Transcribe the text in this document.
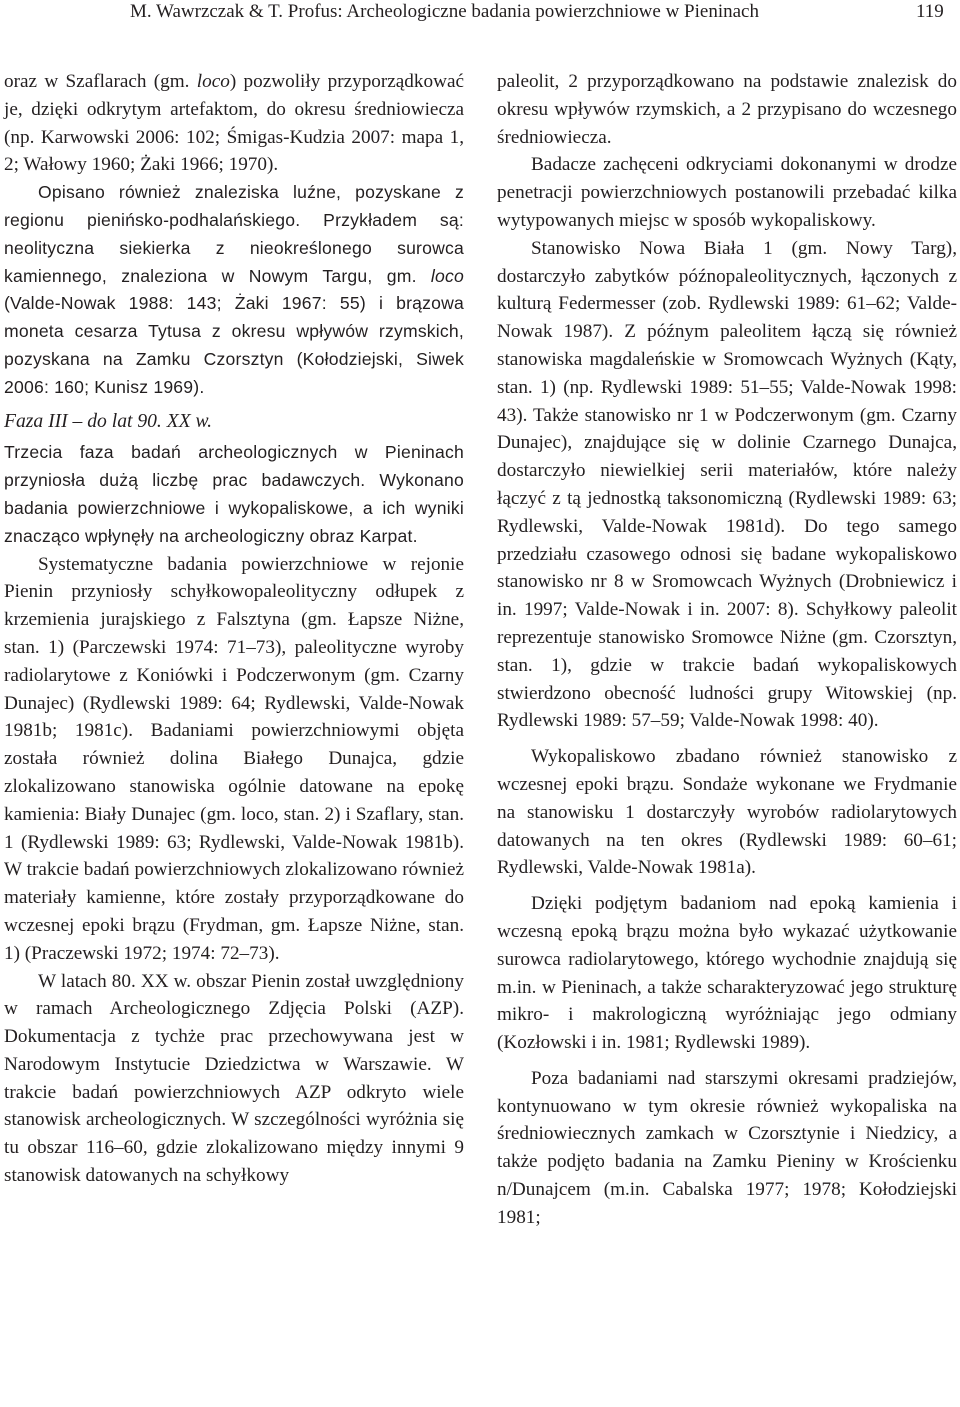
M. Wawrzczak & T. Profus: Archeologiczne badania powierzchniowe w Pieninach	119

oraz w Szaflarach (gm. loco) pozwoliły przyporządkować je, dzięki odkrytym artefaktom, do okresu średniowiecza (np. Karwowski 2006: 102; Śmigas-Kudzia 2007: mapa 1, 2; Wałowy 1960; Żaki 1966; 1970).

Opisano również znaleziska luźne, pozyskane z regionu pienińsko-podhalańskiego. Przykładem są: neolityczna siekierka z nieokreślonego surowca kamiennego, znaleziona w Nowym Targu, gm. loco (Valde-Nowak 1988: 143; Żaki 1967: 55) i brązowa moneta cesarza Tytusa z okresu wpływów rzymskich, pozyskana na Zamku Czorsztyn (Kołodziejski, Siwek 2006: 160; Kunisz 1969).

Faza III – do lat 90. XX w.

Trzecia faza badań archeologicznych w Pieninach przyniosła dużą liczbę prac badawczych. Wykonano badania powierzchniowe i wykopaliskowe, a ich wyniki znacząco wpłynęły na archeologiczny obraz Karpat.

Systematyczne badania powierzchniowe w rejonie Pienin przyniosły schyłkowopaleolityczny odłupek z krzemienia jurajskiego z Falsztyna (gm. Łapsze Niżne, stan. 1) (Parczewski 1974: 71–73), paleolityczne wyroby radiolarytowe z Koniówki i Podczerwonym (gm. Czarny Dunajec) (Rydlewski 1989: 64; Rydlewski, Valde-Nowak 1981b; 1981c). Badaniami powierzchniowymi objęta została również dolina Białego Dunajca, gdzie zlokalizowano stanowiska ogólnie datowane na epokę kamienia: Biały Dunajec (gm. loco, stan. 2) i Szaflary, stan. 1 (Rydlewski 1989: 63; Rydlewski, Valde-Nowak 1981b). W trakcie badań powierzchniowych zlokalizowano również materiały kamienne, które zostały przyporządkowane do wczesnej epoki brązu (Frydman, gm. Łapsze Niżne, stan. 1) (Praczewski 1972; 1974: 72–73).

W latach 80. XX w. obszar Pienin został uwzględniony w ramach Archeologicznego Zdjęcia Polski (AZP). Dokumentacja z tychże prac przechowywana jest w Narodowym Instytucie Dziedzictwa w Warszawie. W trakcie badań powierzchniowych AZP odkryto wiele stanowisk archeologicznych. W szczególności wyróżnia się tu obszar 116–60, gdzie zlokalizowano między innymi 9 stanowisk datowanych na schyłkowy

paleolit, 2 przyporządkowano na podstawie znalezisk do okresu wpływów rzymskich, a 2 przypisano do wczesnego średniowiecza.

Badacze zachęceni odkryciami dokonanymi w drodze penetracji powierzchniowych postanowili przebadać kilka wytypowanych miejsc w sposób wykopaliskowy.

Stanowisko Nowa Biała 1 (gm. Nowy Targ), dostarczyło zabytków późnopaleolitycznych, łączonych z kulturą Federmesser (zob. Rydlewski 1989: 61–62; Valde-Nowak 1987). Z późnym paleolitem łączą się również stanowiska magdaleńskie w Sromowcach Wyżnych (Kąty, stan. 1) (np. Rydlewski 1989: 51–55; Valde-Nowak 1998: 43). Także stanowisko nr 1 w Podczerwonym (gm. Czarny Dunajec), znajdujące się w dolinie Czarnego Dunajca, dostarczyło niewielkiej serii materiałów, które należy łączyć z tą jednostką taksonomiczną (Rydlewski 1989: 63; Rydlewski, Valde-Nowak 1981d). Do tego samego przedziału czasowego odnosi się badane wykopaliskowo stanowisko nr 8 w Sromowcach Wyżnych (Drobniewicz i in. 1997; Valde-Nowak i in. 2007: 8). Schyłkowy paleolit reprezentuje stanowisko Sromowce Niżne (gm. Czorsztyn, stan. 1), gdzie w trakcie badań wykopaliskowych stwierdzono obecność ludności grupy Witowskiej (np. Rydlewski 1989: 57–59; Valde-Nowak 1998: 40).

Wykopaliskowo zbadano również stanowisko z wczesnej epoki brązu. Sondaże wykonane we Frydmanie na stanowisku 1 dostarczyły wyrobów radiolarytowych datowanych na ten okres (Rydlewski 1989: 60–61; Rydlewski, Valde-Nowak 1981a).

Dzięki podjętym badaniom nad epoką kamienia i wczesną epoką brązu można było wykazać użytkowanie surowca radiolarytowego, którego wychodnie znajdują się m.in. w Pieninach, a także scharakteryzować jego strukturę mikro- i makrologiczną wyróżniając jego odmiany (Kozłowski i in. 1981; Rydlewski 1989).

Poza badaniami nad starszymi okresami pradziejów, kontynuowano w tym okresie również wykopaliska na średniowiecznych zamkach w Czorsztynie i Niedzicy, a także podjęto badania na Zamku Pieniny w Krościenku n/Dunajcem (m.in. Cabalska 1977; 1978; Kołodziejski 1981;
